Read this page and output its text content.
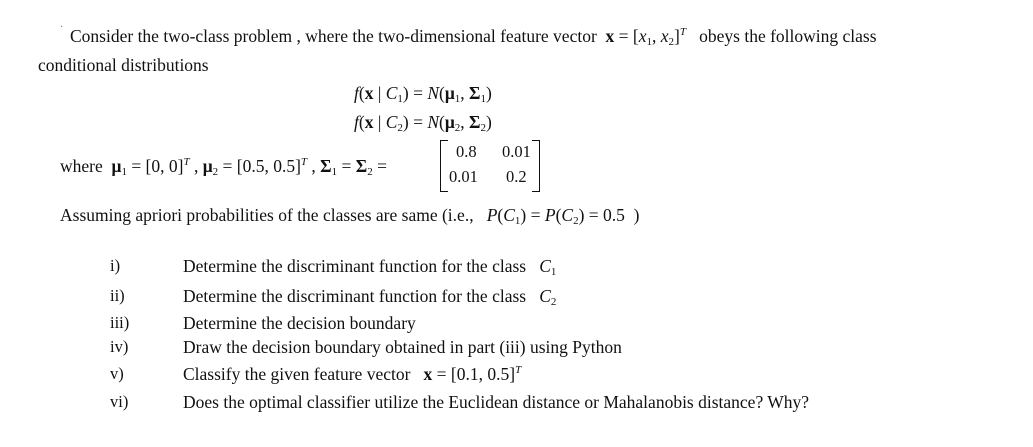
· Consider the two-class problem , where the two-dimensional feature vector $x = [x_1$, $x_2]^T$ obeys the following class
conditional distributions
f(x | $C_1) = N(\mu_1$, $\Sigma_1$)
f(x | $C_2) = N(\mu_2$, $\Sigma_2$)
where $\mu_1 = [0$, 0]$^T$ , $\mu_2 = [0.5$, 0.5]$^T$ , $\Sigma_1 = \Sigma_2$ =
0.8 0.01
0.01 0.2
Assuming apriori probabilities of the classes are same (i.e., $P(C_1) = P(C_2) = 0.5$  )
i)	Determine the discriminant function for the class $C_1$
ii)	Determine the discriminant function for the class $C_2$
iii)	Determine the decision boundary
iv)	Draw the decision boundary obtained in part (iii) using Python
v)	Classify the given feature vector x = [0.1, 0.5]$^T$
vi)	Does the optimal classifier utilize the Euclidean distance or Mahalanobis distance? Why?
